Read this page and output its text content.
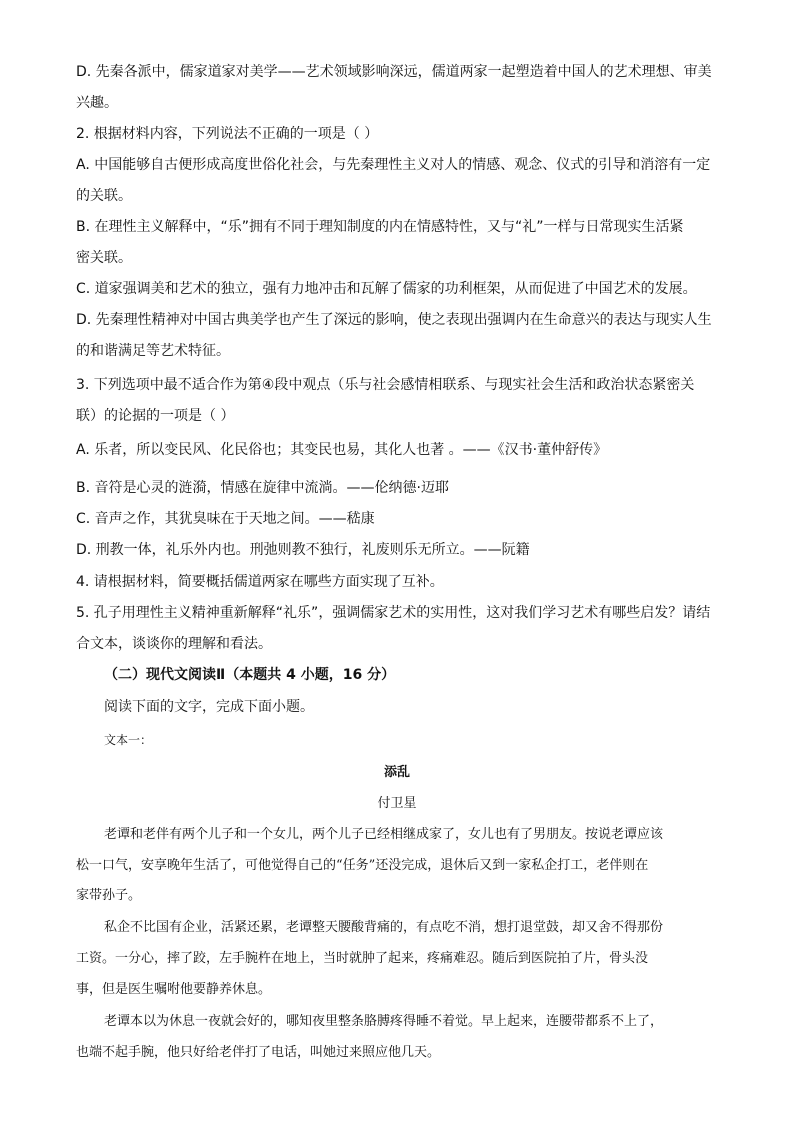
D. 先秦各派中，儒家道家对美学——艺术领域影响深远，儒道两家一起塑造着中国人的艺术理想、审美
兴趣。
2. 根据材料内容，下列说法不正确的一项是（ ）
A. 中国能够自古便形成高度世俗化社会，与先秦理性主义对人的情感、观念、仪式的引导和消溶有一定
的关联。
B. 在理性主义解释中，“乐”拥有不同于理知制度的内在情感特性，又与“礼”一样与日常现实生活紧
密关联。
C. 道家强调美和艺术的独立，强有力地冲击和瓦解了儒家的功利框架，从而促进了中国艺术的发展。
D. 先秦理性精神对中国古典美学也产生了深远的影响，使之表现出强调内在生命意兴的表达与现实人生
的和谐满足等艺术特征。
3. 下列选项中最不适合作为第④段中观点（乐与社会感情相联系、与现实社会生活和政治状态紧密关
联）的论据的一项是（ ）
A. 乐者，所以变民风、化民俗也；其变民也易，其化人也著 。——《汉书·董仲舒传》
B. 音符是心灵的涟漪，情感在旋律中流淌。——伦纳德·迈耶
C. 音声之作，其犹臭味在于天地之间。——嵇康
D. 刑教一体，礼乐外内也。刑弛则教不独行，礼废则乐无所立。——阮籍
4. 请根据材料，简要概括儒道两家在哪些方面实现了互补。
5. 孔子用理性主义精神重新解释“礼乐”，强调儒家艺术的实用性，这对我们学习艺术有哪些启发？请结
合文本，谈谈你的理解和看法。
（二）现代文阅读Ⅱ（本题共 4 小题，16 分）
阅读下面的文字，完成下面小题。
文本一：
添乱
付卫星
老谭和老伴有两个儿子和一个女儿，两个儿子已经相继成家了，女儿也有了男朋友。按说老谭应该
松一口气，安享晚年生活了，可他觉得自己的“任务”还没完成，退休后又到一家私企打工，老伴则在
家带孙子。
私企不比国有企业，活紧还累，老谭整天腰酸背痛的，有点吃不消，想打退堂鼓，却又舍不得那份
工资。一分心，摔了跤，左手腕杵在地上，当时就肿了起来，疼痛难忍。随后到医院拍了片，骨头没
事，但是医生嘱咐他要静养休息。
老谭本以为休息一夜就会好的，哪知夜里整条胳膊疼得睡不着觉。早上起来，连腰带都系不上了，
也端不起手腕，他只好给老伴打了电话，叫她过来照应他几天。
